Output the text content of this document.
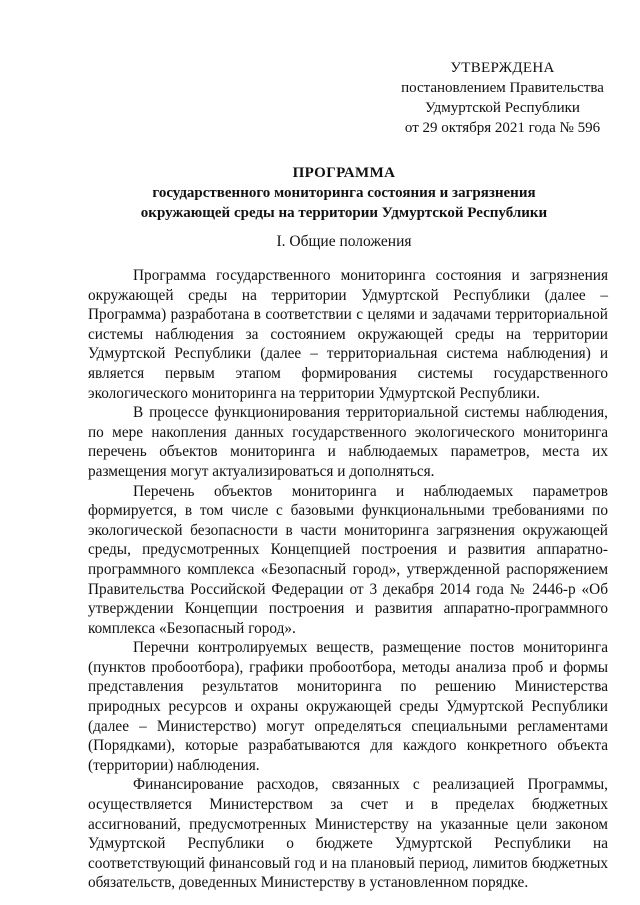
УТВЕРЖДЕНА
постановлением Правительства
Удмуртской Республики
от 29 октября 2021 года № 596
ПРОГРАММА
государственного мониторинга состояния и загрязнения
окружающей среды на территории Удмуртской Республики
I. Общие положения

Программа государственного мониторинга состояния и загрязнения окружающей среды на территории Удмуртской Республики (далее – Программа) разработана в соответствии с целями и задачами территориальной системы наблюдения за состоянием окружающей среды на территории Удмуртской Республики (далее – территориальная система наблюдения) и является первым этапом формирования системы государственного экологического мониторинга на территории Удмуртской Республики.

В процессе функционирования территориальной системы наблюдения, по мере накопления данных государственного экологического мониторинга перечень объектов мониторинга и наблюдаемых параметров, места их размещения могут актуализироваться и дополняться.

Перечень объектов мониторинга и наблюдаемых параметров формируется, в том числе с базовыми функциональными требованиями по экологической безопасности в части мониторинга загрязнения окружающей среды, предусмотренных Концепцией построения и развития аппаратно-программного комплекса «Безопасный город», утвержденной распоряжением Правительства Российской Федерации от 3 декабря 2014 года № 2446-р «Об утверждении Концепции построения и развития аппаратно-программного комплекса «Безопасный город».

Перечни контролируемых веществ, размещение постов мониторинга (пунктов пробоотбора), графики пробоотбора, методы анализа проб и формы представления результатов мониторинга по решению Министерства природных ресурсов и охраны окружающей среды Удмуртской Республики (далее – Министерство) могут определяться специальными регламентами (Порядками), которые разрабатываются для каждого конкретного объекта (территории) наблюдения.

Финансирование расходов, связанных с реализацией Программы, осуществляется Министерством за счет и в пределах бюджетных ассигнований, предусмотренных Министерству на указанные цели законом Удмуртской Республики о бюджете Удмуртской Республики на соответствующий финансовый год и на плановый период, лимитов бюджетных обязательств, доведенных Министерству в установленном порядке.
